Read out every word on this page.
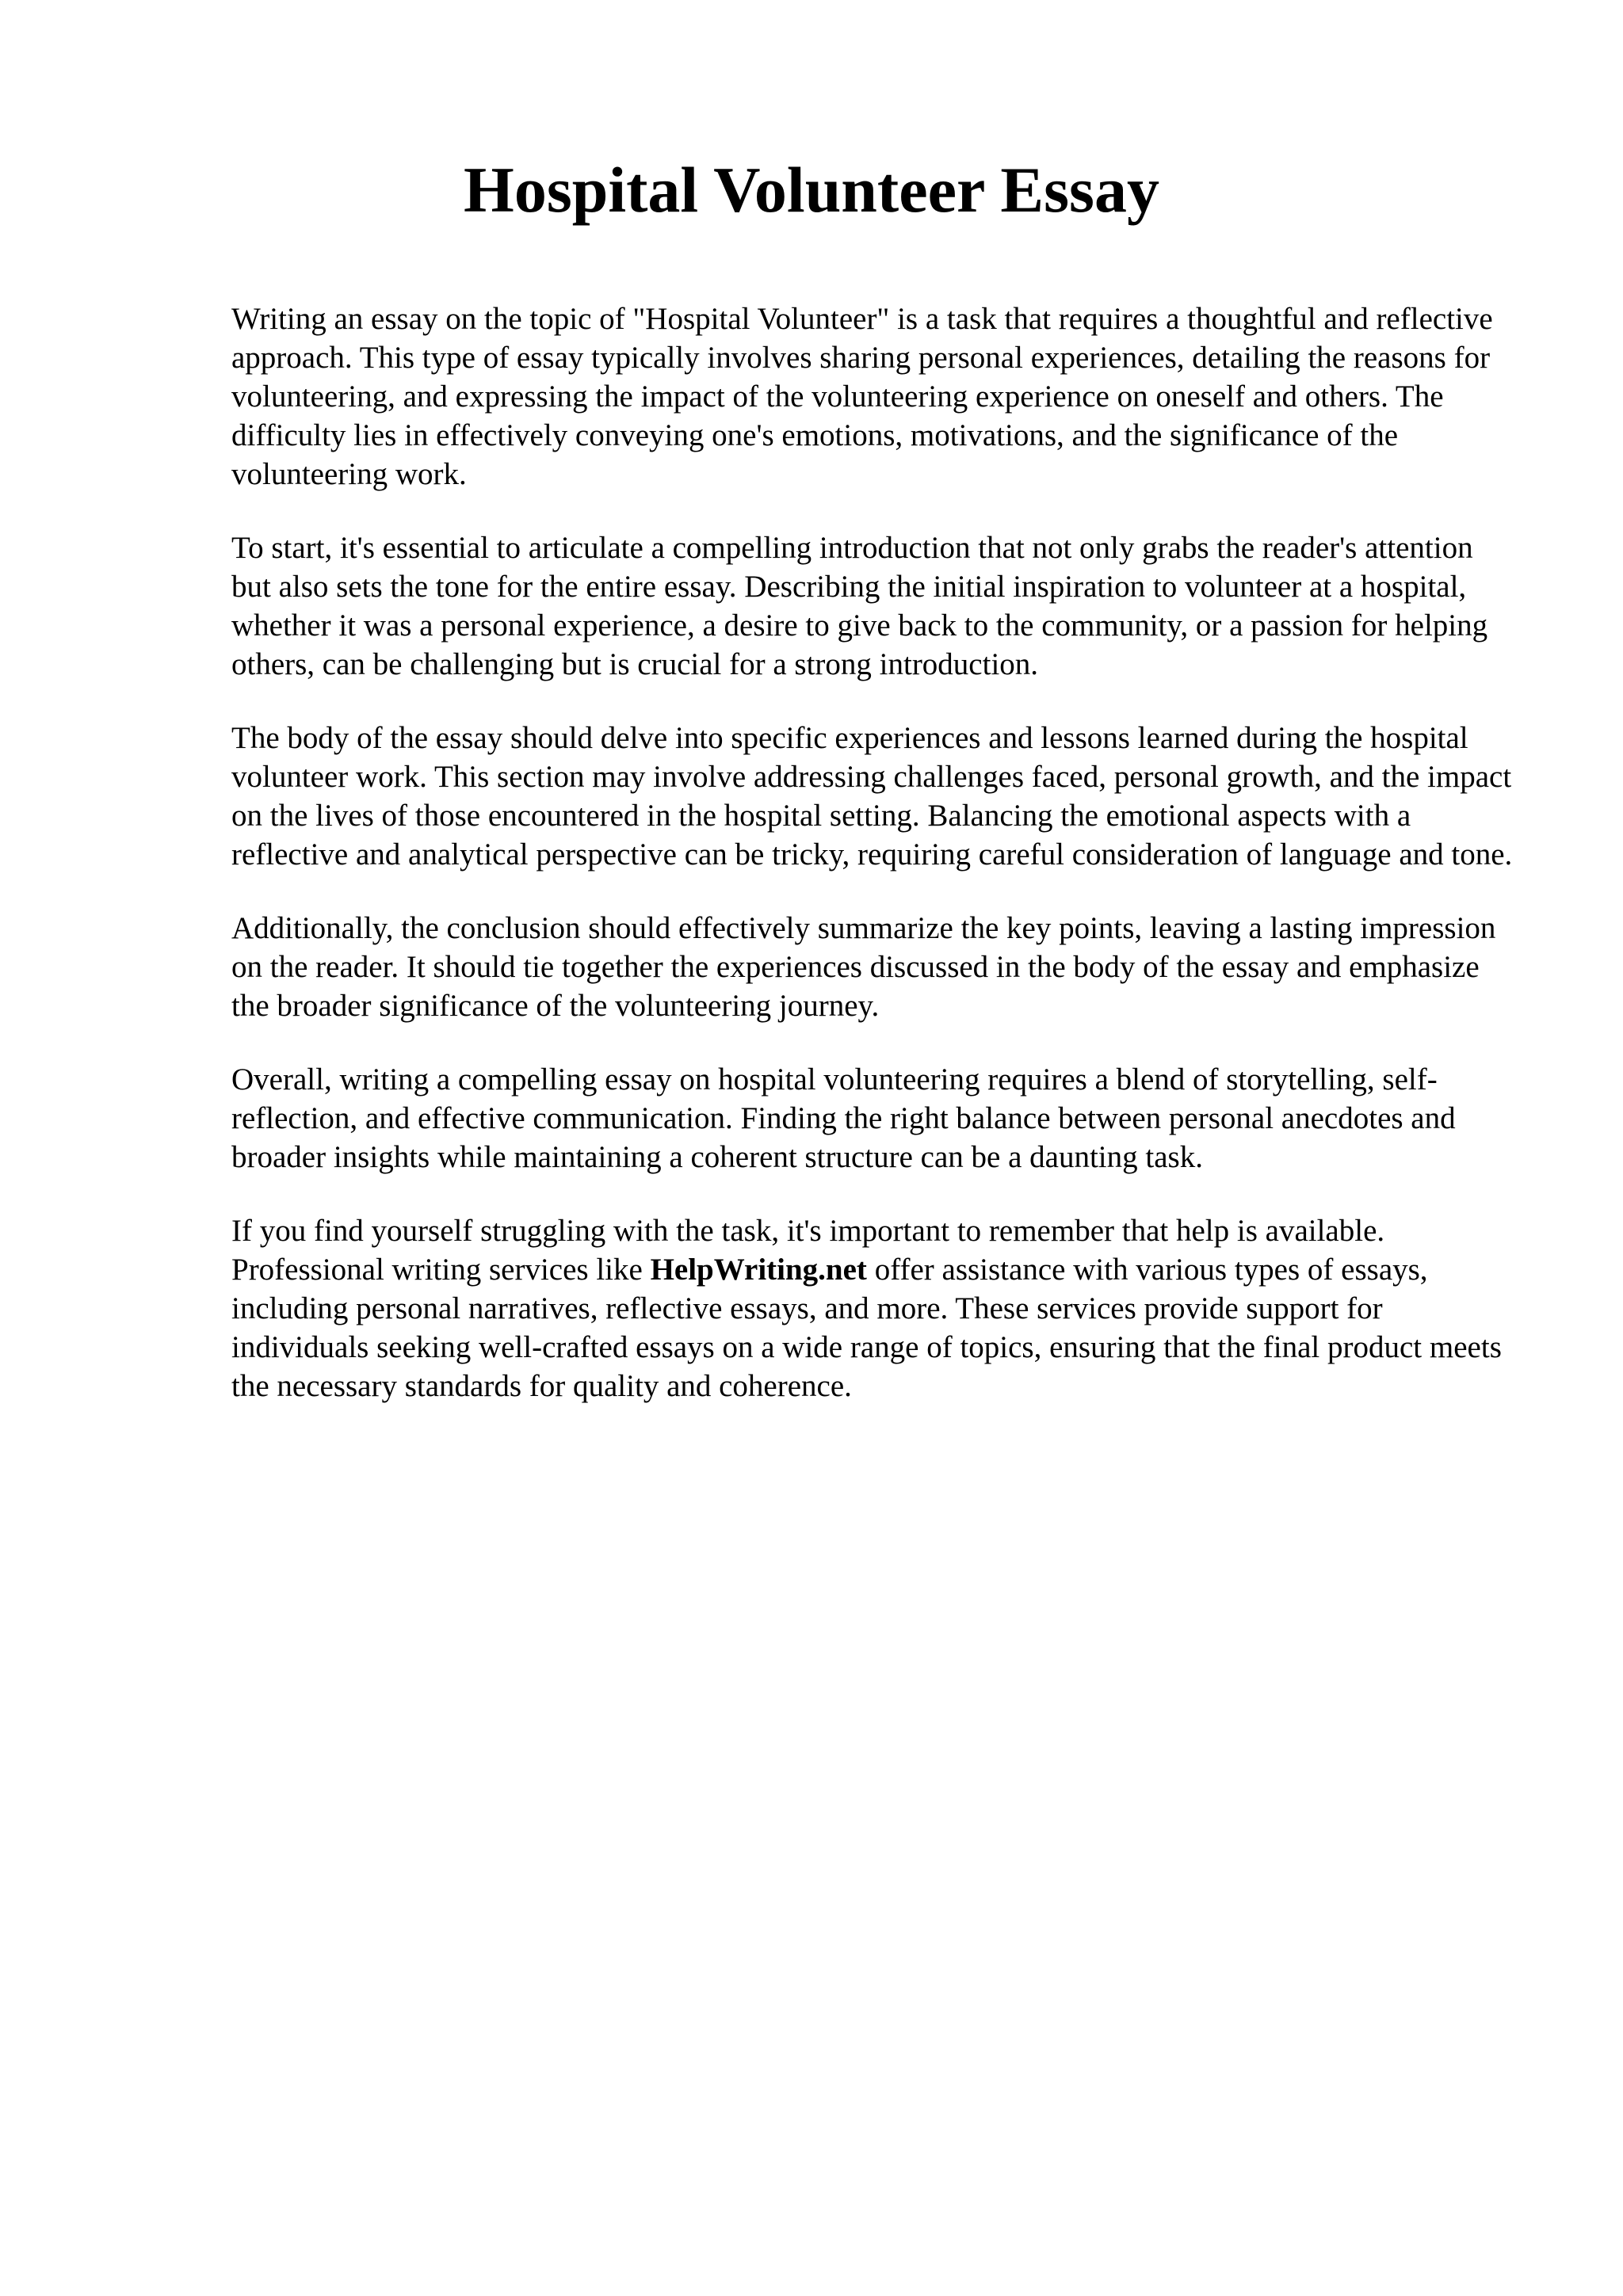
Hospital Volunteer Essay

Writing an essay on the topic of "Hospital Volunteer" is a task that requires a thoughtful and reflective approach. This type of essay typically involves sharing personal experiences, detailing the reasons for volunteering, and expressing the impact of the volunteering experience on oneself and others. The difficulty lies in effectively conveying one's emotions, motivations, and the significance of the volunteering work.

To start, it's essential to articulate a compelling introduction that not only grabs the reader's attention but also sets the tone for the entire essay. Describing the initial inspiration to volunteer at a hospital, whether it was a personal experience, a desire to give back to the community, or a passion for helping others, can be challenging but is crucial for a strong introduction.

The body of the essay should delve into specific experiences and lessons learned during the hospital volunteer work. This section may involve addressing challenges faced, personal growth, and the impact on the lives of those encountered in the hospital setting. Balancing the emotional aspects with a reflective and analytical perspective can be tricky, requiring careful consideration of language and tone.

Additionally, the conclusion should effectively summarize the key points, leaving a lasting impression on the reader. It should tie together the experiences discussed in the body of the essay and emphasize the broader significance of the volunteering journey.

Overall, writing a compelling essay on hospital volunteering requires a blend of storytelling, self-reflection, and effective communication. Finding the right balance between personal anecdotes and broader insights while maintaining a coherent structure can be a daunting task.

If you find yourself struggling with the task, it's important to remember that help is available. Professional writing services like HelpWriting.net offer assistance with various types of essays, including personal narratives, reflective essays, and more. These services provide support for individuals seeking well-crafted essays on a wide range of topics, ensuring that the final product meets the necessary standards for quality and coherence.
